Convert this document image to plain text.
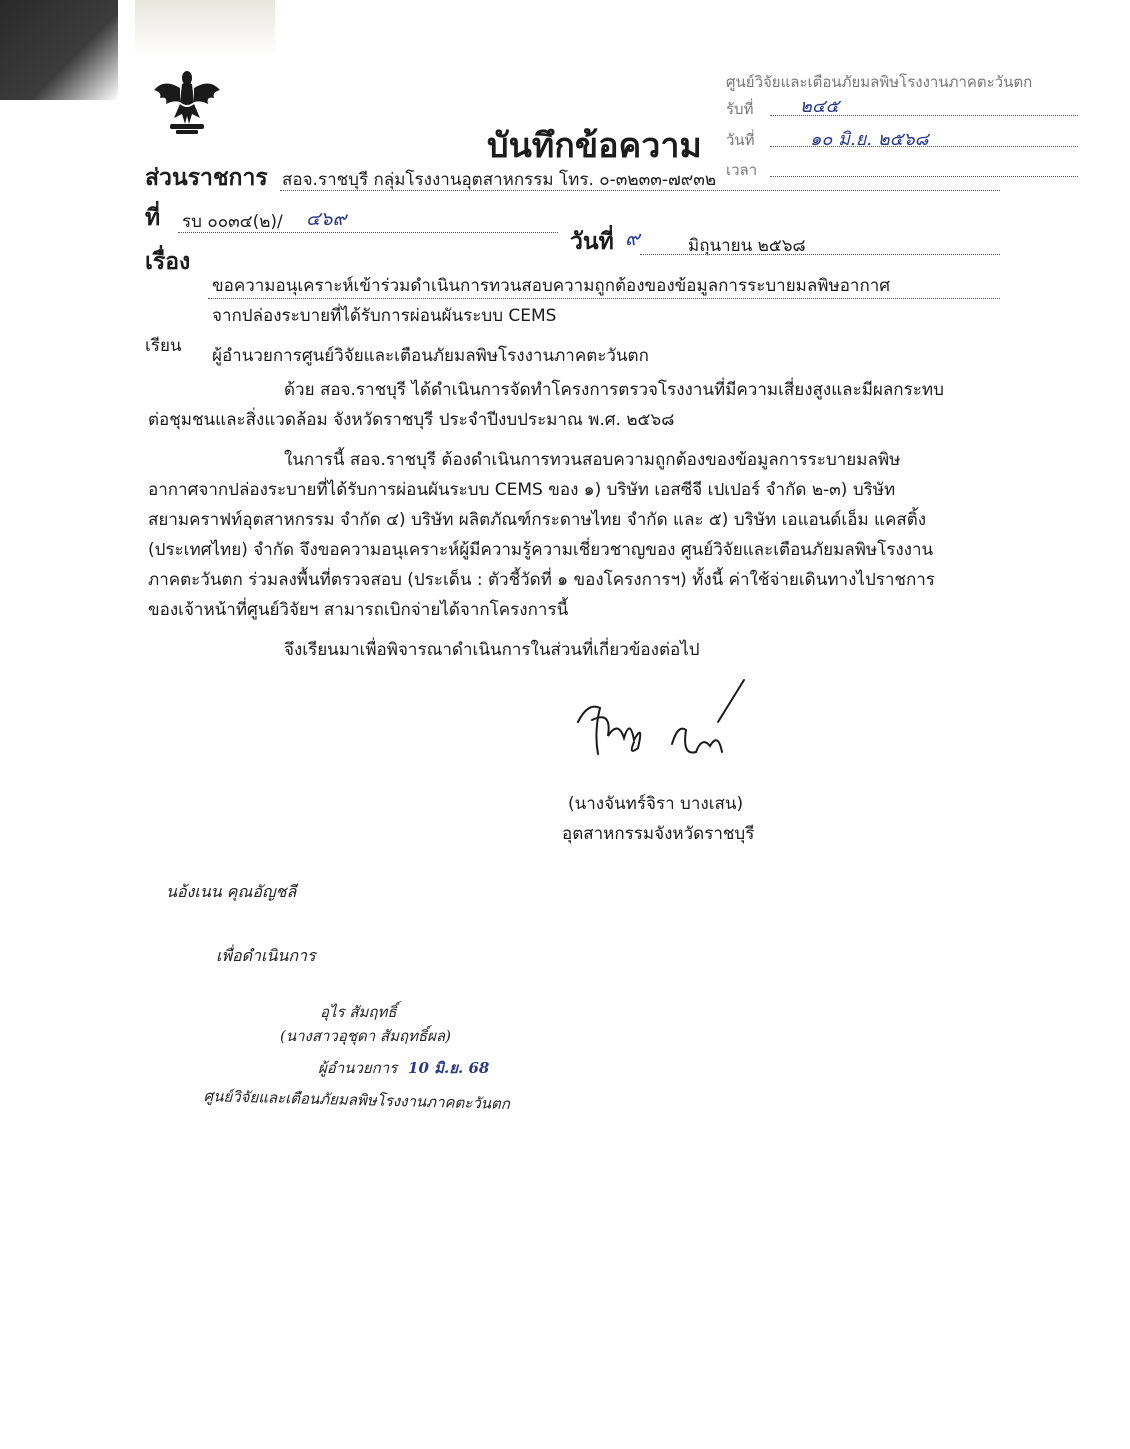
บันทึกข้อความ
ศูนย์วิจัยและเตือนภัยมลพิษโรงงานภาคตะวันตก
รับที่	๒๔๕
วันที่	๑๐ มิ.ย. ๒๕๖๘
เวลา
ส่วนราชการ สอจ.ราชบุรี กลุ่มโรงงานอุตสาหกรรม โทร. ๐-๓๒๓๓-๗๙๓๒
ที่ รบ ๐๐๓๔(๒)/ ๔๖๙
วันที่ ๙	มิถุนายน ๒๕๖๘
เรื่อง
ขอความอนุเคราะห์เข้าร่วมดำเนินการทวนสอบความถูกต้องของข้อมูลการระบายมลพิษอากาศ
จากปล่องระบายที่ได้รับการผ่อนผันระบบ CEMS
เรียน ผู้อำนวยการศูนย์วิจัยและเตือนภัยมลพิษโรงงานภาคตะวันตก
ด้วย สอจ.ราชบุรี ได้ดำเนินการจัดทำโครงการตรวจโรงงานที่มีความเสี่ยงสูงและมีผลกระทบ
ต่อชุมชนและสิ่งแวดล้อม จังหวัดราชบุรี ประจำปีงบประมาณ พ.ศ. ๒๕๖๘
ในการนี้ สอจ.ราชบุรี ต้องดำเนินการทวนสอบความถูกต้องของข้อมูลการระบายมลพิษ
อากาศจากปล่องระบายที่ได้รับการผ่อนผันระบบ CEMS ของ ๑) บริษัท เอสซีจี เปเปอร์ จำกัด ๒-๓) บริษัท
สยามคราฟท์อุตสาหกรรม จำกัด ๔) บริษัท ผลิตภัณฑ์กระดาษไทย จำกัด และ ๕) บริษัท เอแอนด์เอ็ม แคสติ้ง
(ประเทศไทย) จำกัด จึงขอความอนุเคราะห์ผู้มีความรู้ความเชี่ยวชาญของ ศูนย์วิจัยและเตือนภัยมลพิษโรงงาน
ภาคตะวันตก ร่วมลงพื้นที่ตรวจสอบ (ประเด็น : ตัวชี้วัดที่ ๑ ของโครงการฯ) ทั้งนี้ ค่าใช้จ่ายเดินทางไปราชการ
ของเจ้าหน้าที่ศูนย์วิจัยฯ สามารถเบิกจ่ายได้จากโครงการนี้
จึงเรียนมาเพื่อพิจารณาดำเนินการในส่วนที่เกี่ยวข้องต่อไป
(นางจันทร์จิรา บางเสน)
อุตสาหกรรมจังหวัดราชบุรี
นอ้งเนน คุณอัญชลี
เพื่อดำเนินการ
อุไร สัมฤทธิ์
(นางสาวอุชุดา สัมฤทธิ์ผล)
ผู้อำนวยการ 10 มิ.ย. 68
ศูนย์วิจัยและเตือนภัยมลพิษโรงงานภาคตะวันตก
